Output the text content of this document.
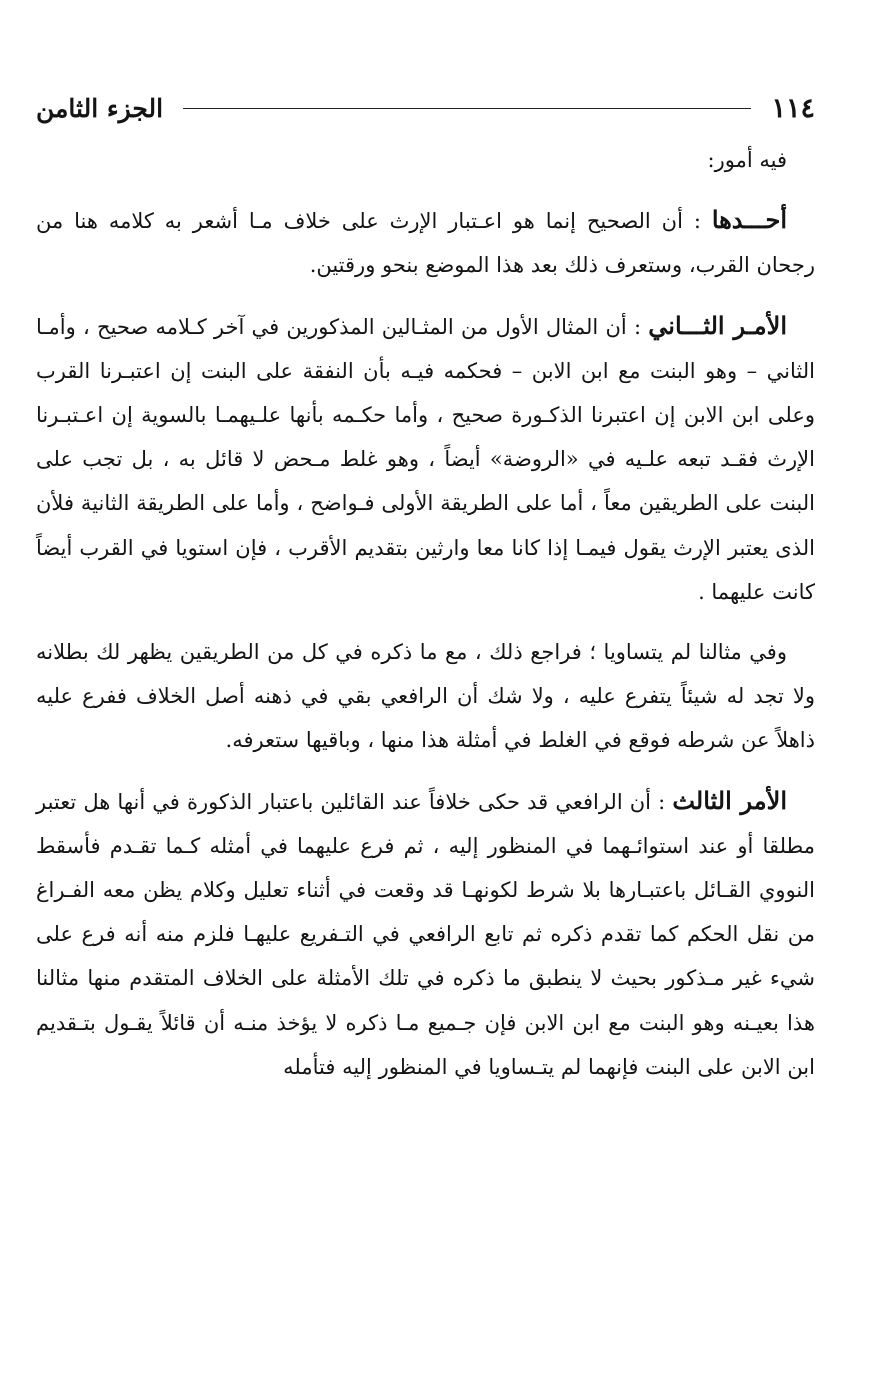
١١٤
الجزء الثامن

فيه أمور:

أحـــدها : أن الصحيح إنما هو اعـتبار الإرث على خلاف مـا أشعر به كلامه هنا من رجحان القرب، وستعرف ذلك بعد هذا الموضع بنحو ورقتين.

الأمـر الثـــاني : أن المثال الأول من المثـالين المذكورين في آخر كـلامه صحيح ، وأمـا الثاني – وهو البنت مع ابن الابن – فحكمه فيـه بأن النفقة على البنت إن اعتبـرنا القرب وعلى ابن الابن إن اعتبرنا الذكـورة صحيح ، وأما حكـمه بأنها علـيهمـا بالسوية إن اعـتبـرنا الإرث فقـد تبعه علـيه في «الروضة» أيضاً ، وهو غلط مـحض لا قائل به ، بل تجب على البنت على الطريقين معاً ، أما على الطريقة الأولى فـواضح ، وأما على الطريقة الثانية فلأن الذى يعتبر الإرث يقول فيمـا إذا كانا معا وارثين بتقديم الأقرب ، فإن استويا في القرب أيضاً كانت عليهما .

وفي مثالنا لم يتساويا ؛ فراجع ذلك ، مع ما ذكره في كل من الطريقين يظهر لك بطلانه ولا تجد له شيئاً يتفرع عليه ، ولا شك أن الرافعي بقي في ذهنه أصل الخلاف ففرع عليه ذاهلاً عن شرطه فوقع في الغلط في أمثلة هذا منها ، وباقيها ستعرفه.

الأمر الثالث : أن الرافعي قد حكى خلافاً عند القائلين باعتبار الذكورة في أنها هل تعتبر مطلقا أو عند استوائـهما في المنظور إليه ، ثم فرع عليهما في أمثله كـما تقـدم فأسقط النووي القـائل باعتبـارها بلا شرط لكونهـا قد وقعت في أثناء تعليل وكلام يظن معه الفـراغ من نقل الحكم كما تقدم ذكره ثم تابع الرافعي في التـفريع عليهـا فلزم منه أنه فرع على شيء غير مـذكور بحيث لا ينطبق ما ذكره في تلك الأمثلة على الخلاف المتقدم منها مثالنا هذا بعيـنه وهو البنت مع ابن الابن فإن جـميع مـا ذكره لا يؤخذ منـه أن قائلاً يقـول بتـقديم ابن الابن على البنت فإنهما لم يتـساويا في المنظور إليه فتأمله
